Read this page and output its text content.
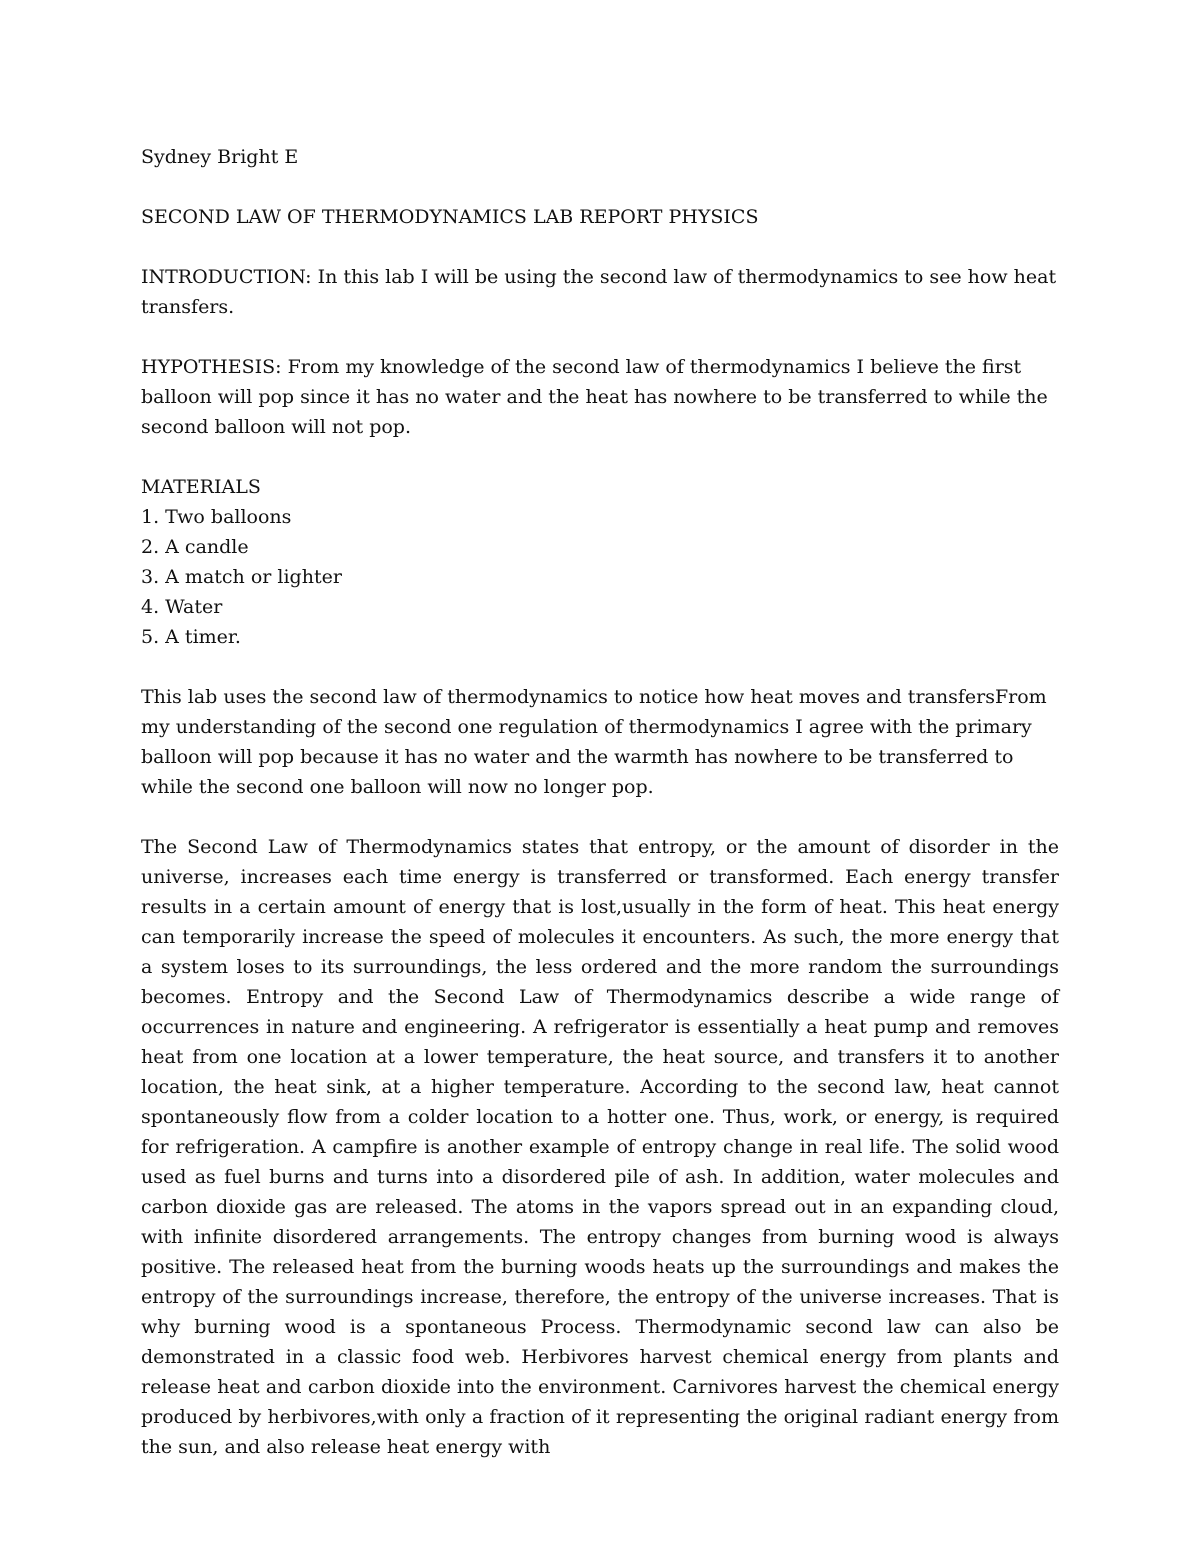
Sydney Bright E

SECOND LAW OF THERMODYNAMICS LAB REPORT PHYSICS

INTRODUCTION: In this lab I will be using the second law of thermodynamics to see how heat transfers.

HYPOTHESIS: From my knowledge of the second law of thermodynamics I believe the first balloon will pop since it has no water and the heat has nowhere to be transferred to while the second balloon will not pop.

MATERIALS

1. Two balloons
2. A candle
3. A match or lighter
4. Water
5. A timer.

This lab uses the second law of thermodynamics to notice how heat moves and transfersFrom my understanding of the second one regulation of thermodynamics I agree with the primary balloon will pop because it has no water and the warmth has nowhere to be transferred to while the second one balloon will now no longer pop.

The Second Law of Thermodynamics states that entropy, or the amount of disorder in the universe, increases each time energy is transferred or transformed. Each energy transfer results in a certain amount of energy that is lost,usually in the form of heat. This heat energy can temporarily increase the speed of molecules it encounters. As such, the more energy that a system loses to its surroundings, the less ordered and the more random the surroundings becomes. Entropy and the Second Law of Thermodynamics describe a wide range of occurrences in nature and engineering. A refrigerator is essentially a heat pump and removes heat from one location at a lower temperature, the heat source, and transfers it to another location, the heat sink, at a higher temperature. According to the second law, heat cannot spontaneously flow from a colder location to a hotter one. Thus, work, or energy, is required for refrigeration. A campfire is another example of entropy change in real life. The solid wood used as fuel burns and turns into a disordered pile of ash. In addition, water molecules and carbon dioxide gas are released. The atoms in the vapors spread out in an expanding cloud, with infinite disordered arrangements. The entropy changes from burning wood is always positive. The released heat from the burning woods heats up the surroundings and makes the entropy of the surroundings increase, therefore, the entropy of the universe increases. That is why burning wood is a spontaneous Process. Thermodynamic second law can also be demonstrated in a classic food web. Herbivores harvest chemical energy from plants and release heat and carbon dioxide into the environment. Carnivores harvest the chemical energy produced by herbivores,with only a fraction of it representing the original radiant energy from the sun, and also release heat energy with
